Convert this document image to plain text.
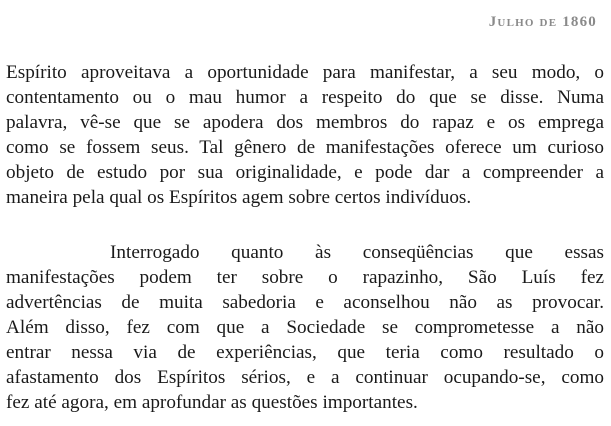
Julho de 1860
Espírito aproveitava a oportunidade para manifestar, a seu modo, o
contentamento ou o mau humor a respeito do que se disse. Numa
palavra, vê-se que se apodera dos membros do rapaz e os emprega
como se fossem seus. Tal gênero de manifestações oferece um curioso
objeto de estudo por sua originalidade, e pode dar a compreender a
maneira pela qual os Espíritos agem sobre certos indivíduos.
Interrogado quanto às conseqüências que essas
manifestações podem ter sobre o rapazinho, São Luís fez
advertências de muita sabedoria e aconselhou não as provocar.
Além disso, fez com que a Sociedade se comprometesse a não
entrar nessa via de experiências, que teria como resultado o
afastamento dos Espíritos sérios, e a continuar ocupando-se, como
fez até agora, em aprofundar as questões importantes.
